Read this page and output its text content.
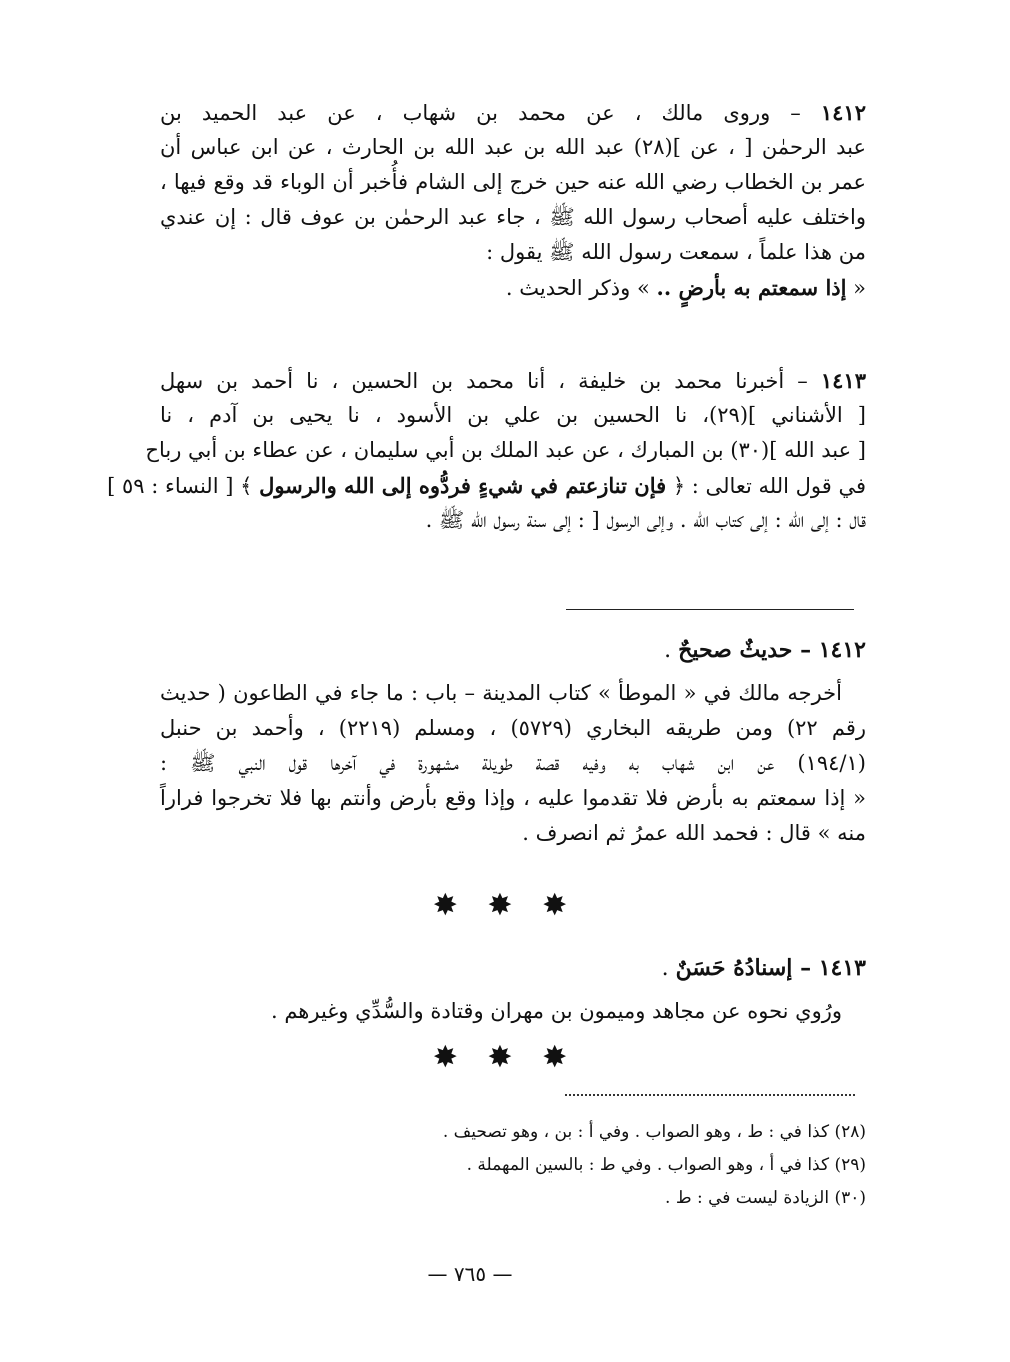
١٤١٢ – وروى مالك ، عن محمد بن شهاب ، عن عبد الحميد بن
عبد الرحمٰن [ ، عن ](٢٨) عبد الله بن عبد الله بن الحارث ، عن ابن عباس أن
عمر بن الخطاب رضي الله عنه حين خرج إلى الشام فأُخبر أن الوباء قد وقع فيها ،
واختلف عليه أصحاب رسول الله ﷺ ، جاء عبد الرحمٰن بن عوف قال : إن عندي
من هذا علماً ، سمعت رسول الله ﷺ يقول :
« إذا سمعتم به بأرضٍ .. » وذكر الحديث .
١٤١٣ – أخبرنا محمد بن خليفة ، أنا محمد بن الحسين ، نا أحمد بن سهل
[ الأشناني ](٢٩)، نا الحسين بن علي بن الأسود ، نا يحيى بن آدم ، نا
[ عبد الله ](٣٠) بن المبارك ، عن عبد الملك بن أبي سليمان ، عن عطاء بن أبي رباح
في قول الله تعالى : ﴿ فإن تنازعتم في شيءٍ فردُّوه إلى الله والرسول ﴾ [ النساء : ٥٩ ]
قال : إلى الله : إلى كتاب الله . وإلى الرسول [ : إلى سنة رسول الله ﷺ .
١٤١٢ – حديثٌ صحيحٌ .
أخرجه مالك في « الموطأ » كتاب المدينة – باب : ما جاء في الطاعون ( حديث
رقم ٢٢) ومن طريقه البخاري (٥٧٢٩) ، ومسلم (٢٢١٩) ، وأحمد بن حنبل
(١٩٤/١) عن ابن شهاب به وفيه قصة طويلة مشهورة في آخرها قول النبي ﷺ :
« إذا سمعتم به بأرض فلا تقدموا عليه ، وإذا وقع بأرض وأنتم بها فلا تخرجوا فراراً
منه » قال : فحمد الله عمرُ ثم انصرف .
✸ ✸ ✸
١٤١٣ – إسنادُهُ حَسَنٌ .
ورُوي نحوه عن مجاهد وميمون بن مهران وقتادة والسُّدِّي وغيرهم .
✸ ✸ ✸
(٢٨) كذا في : ط ، وهو الصواب . وفي أ : بن ، وهو تصحيف .
(٢٩) كذا في أ ، وهو الصواب . وفي ط : بالسين المهملة .
(٣٠) الزيادة ليست في : ط .
— ٧٦٥ —
